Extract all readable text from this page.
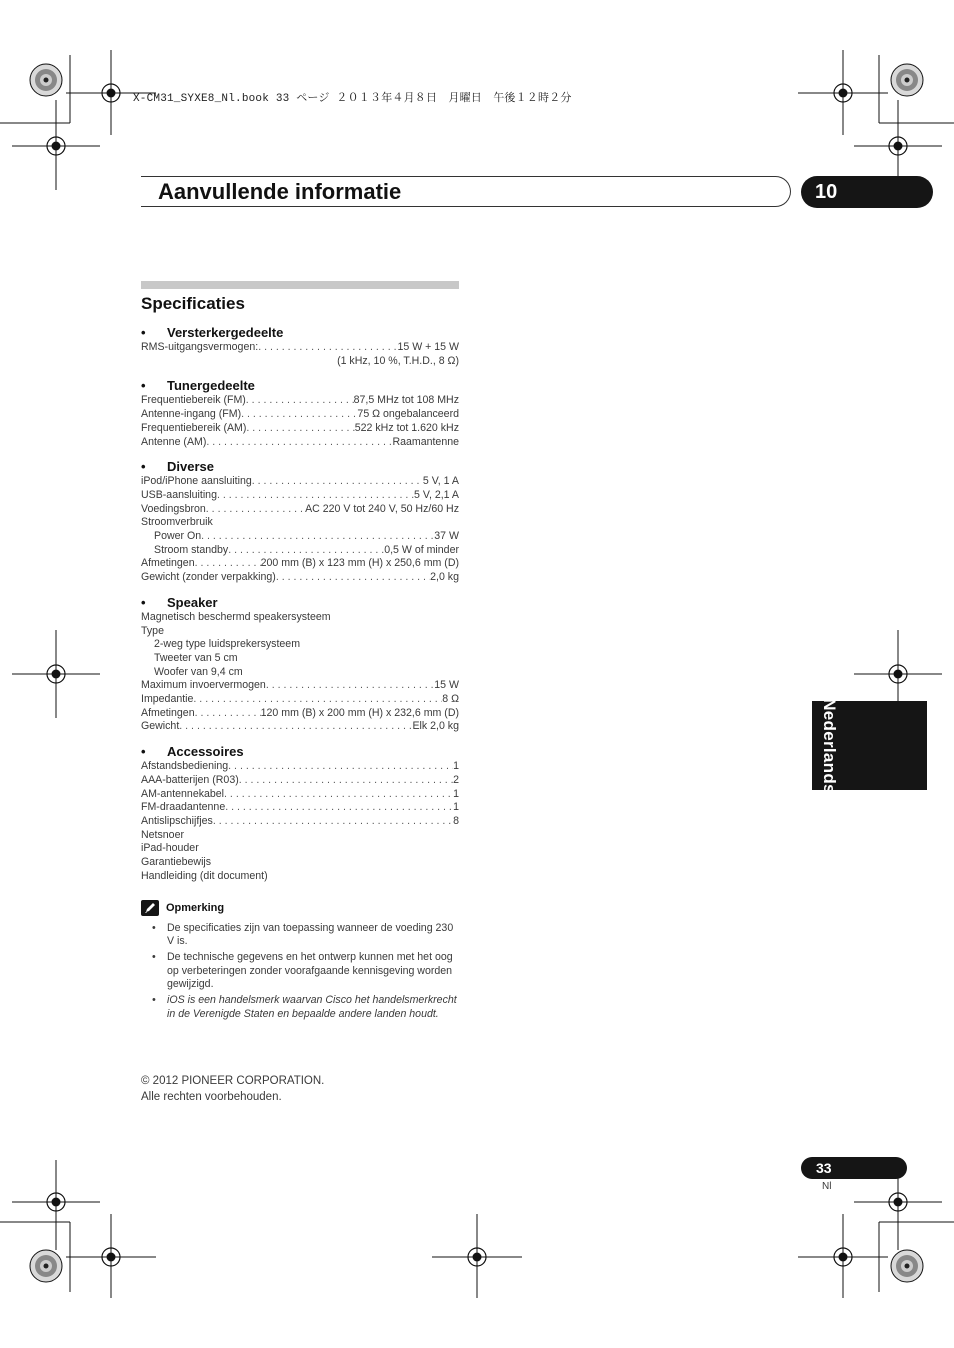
X-CM31_SYXE8_Nl.book 33 ページ ２０１３年４月８日　月曜日　午後１２時２分
Aanvullende informatie	10
Nederlands
Specificaties
•	Versterkergedeelte
RMS-uitgangsvermogen: . . .	15 W + 15 W
(1 kHz, 10 %, T.H.D., 8 Ω)
•	Tunergedeelte
Frequentiebereik (FM) . . .	87,5 MHz tot 108 MHz
Antenne-ingang (FM) . . .	75 Ω ongebalanceerd
Frequentiebereik (AM) . . .	522 kHz tot 1.620 kHz
Antenne (AM) . . .	Raamantenne
•	Diverse
iPod/iPhone aansluiting . . .	5 V, 1 A
USB-aansluiting . . .	5 V, 2,1 A
Voedingsbron . . .	AC 220 V tot 240 V, 50 Hz/60 Hz
Stroomverbruik
Power On . . .	37 W
Stroom standby . . .	0,5 W of minder
Afmetingen . . .	200 mm (B) x 123 mm (H) x 250,6 mm (D)
Gewicht (zonder verpakking) . . .	2,0 kg
•	Speaker
Magnetisch beschermd speakersysteem
Type
2-weg type luidsprekersysteem
Tweeter van 5 cm
Woofer van 9,4 cm
Maximum invoervermogen . . .	15 W
Impedantie . . .	8 Ω
Afmetingen . . .	120 mm (B) x 200 mm (H) x 232,6 mm (D)
Gewicht . . .	Elk 2,0 kg
•	Accessoires
Afstandsbediening . . .	1
AAA-batterijen (R03) . . .	2
AM-antennekabel . . .	1
FM-draadantenne . . .	1
Antislipschijfjes . . .	8
Netsnoer
iPad-houder
Garantiebewijs
Handleiding (dit document)
Opmerking
• De specificaties zijn van toepassing wanneer de voeding 230 V is.
• De technische gegevens en het ontwerp kunnen met het oog op verbeteringen zonder voorafgaande kennisgeving worden gewijzigd.
• iOS is een handelsmerk waarvan Cisco het handelsmerkrecht in de Verenigde Staten en bepaalde andere landen houdt.
© 2012 PIONEER CORPORATION.
Alle rechten voorbehouden.
33
Nl
